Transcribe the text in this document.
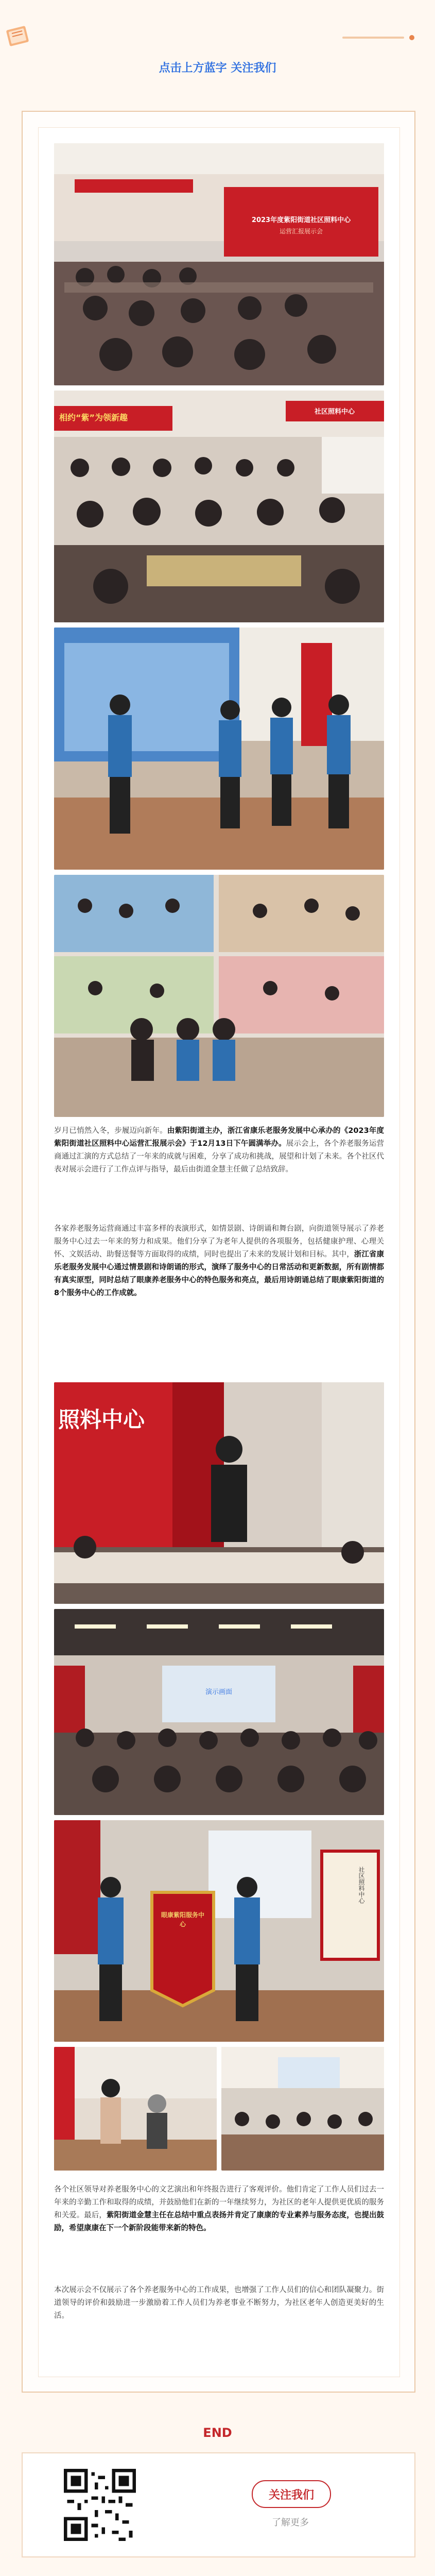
点击上方蓝字 关注我们
2023年度紫阳街道社区照料中心
运营汇报展示会
相约“紫”为领新趣
社区照料中心

岁月已悄然入冬，步履迈向新年。由紫阳街道主办，浙江省康乐老服务发展中心承办的《2023年度紫阳街道社区照料中心运营汇报展示会》于12月13日下午圆满举办。展示会上，各个养老服务运营商通过汇演的方式总结了一年来的成就与困难，分享了成功和挑战，展望和计划了未来。各个社区代表对展示会进行了工作点评与指导，最后由街道金慧主任做了总结致辞。

各家养老服务运营商通过丰富多样的表演形式，如情景剧、诗朗诵和舞台剧，向街道领导展示了养老服务中心过去一年来的努力和成果。他们分享了为老年人提供的各项服务，包括健康护理、心理关怀、文娱活动、助餐送餐等方面取得的成绩，同时也提出了未来的发展计划和目标。其中，浙江省康乐老服务发展中心通过情景剧和诗朗诵的形式，演绎了服务中心的日常活动和更新数据，所有剧情都有真实原型，同时总结了眼康养老服务中心的特色服务和亮点，最后用诗朗诵总结了眼康紫阳街道的8个服务中心的工作成就。

照料中心
演示画面
眼康紫阳服务中心
社区照料中心

各个社区领导对养老服务中心的文艺演出和年终报告进行了客观评价。他们肯定了工作人员们过去一年来的辛勤工作和取得的成绩，并鼓励他们在新的一年继续努力，为社区的老年人提供更优质的服务和关爱。最后，紫阳街道金慧主任在总结中重点表扬并肯定了康康的专业素养与服务态度，也提出鼓励，希望康康在下一个新阶段能带来新的特色。

本次展示会不仅展示了各个养老服务中心的工作成果，也增强了工作人员们的信心和团队凝聚力。街道领导的评价和鼓励进一步激励着工作人员们为养老事业不断努力，为社区老年人创造更美好的生活。

END
关注我们
了解更多
